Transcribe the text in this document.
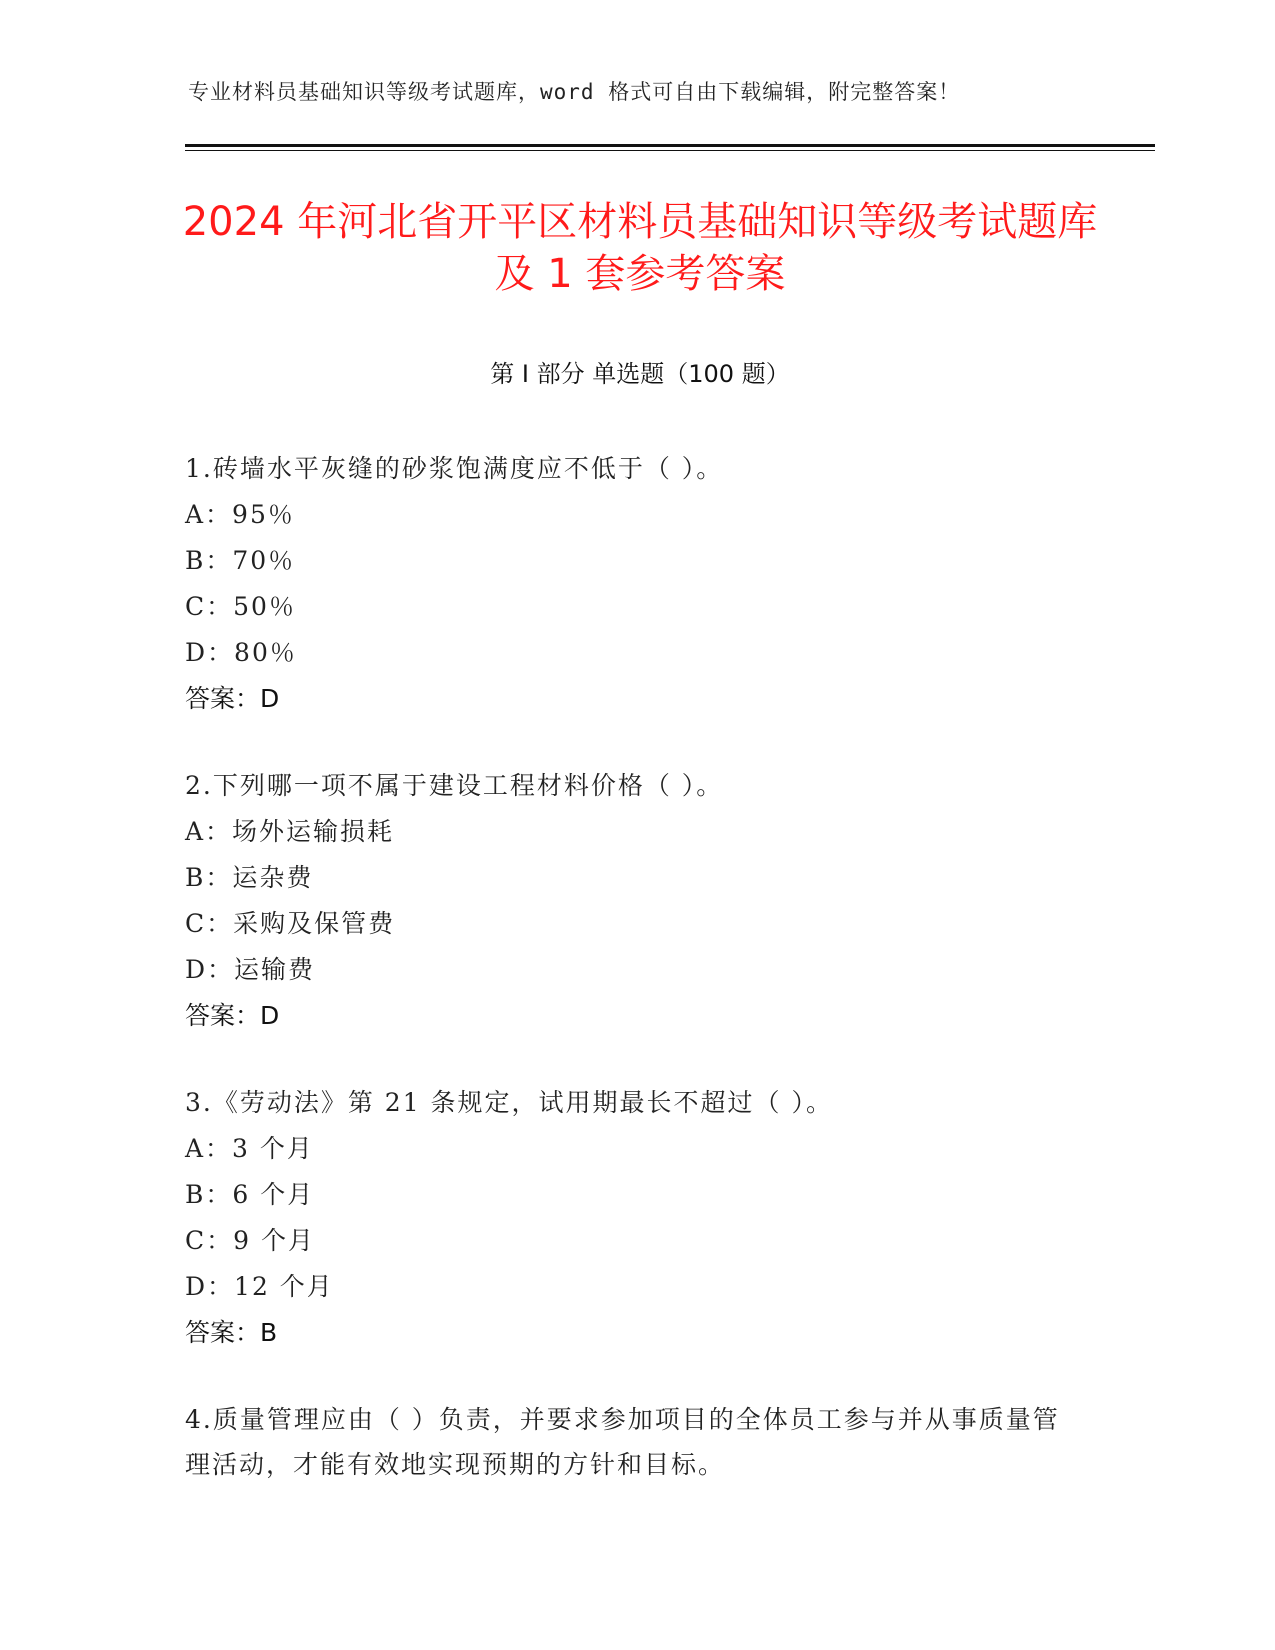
专业材料员基础知识等级考试题库，word 格式可自由下载编辑，附完整答案！
2024 年河北省开平区材料员基础知识等级考试题库及 1 套参考答案
第 I 部分 单选题（100 题）
1.砖墙水平灰缝的砂浆饱满度应不低于（ ）。
A：95％
B：70％
C：50％
D：80％
答案：D
2.下列哪一项不属于建设工程材料价格（ ）。
A：场外运输损耗
B：运杂费
C：采购及保管费
D：运输费
答案：D
3.《劳动法》第 21 条规定，试用期最长不超过（ ）。
A：3 个月
B：6 个月
C：9 个月
D：12 个月
答案：B
4.质量管理应由（ ）负责，并要求参加项目的全体员工参与并从事质量管理活动，才能有效地实现预期的方针和目标。
